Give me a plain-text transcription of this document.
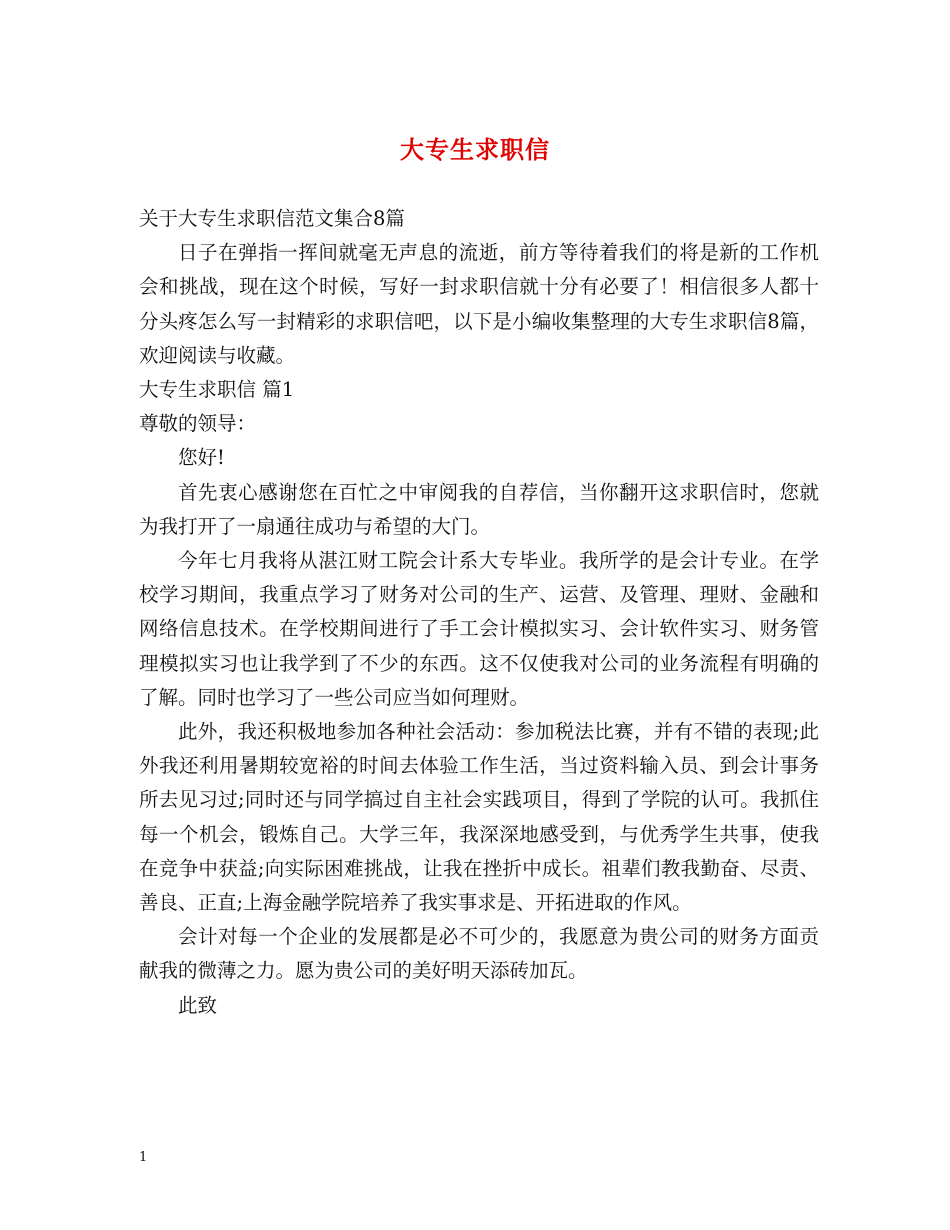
大专生求职信
关于大专生求职信范文集合8篇
日子在弹指一挥间就毫无声息的流逝，前方等待着我们的将是新的工作机会和挑战，现在这个时候，写好一封求职信就十分有必要了！相信很多人都十分头疼怎么写一封精彩的求职信吧，以下是小编收集整理的大专生求职信8篇，欢迎阅读与收藏。
大专生求职信 篇1
尊敬的领导：
您好!
首先衷心感谢您在百忙之中审阅我的自荐信，当你翻开这求职信时，您就为我打开了一扇通往成功与希望的大门。
今年七月我将从湛江财工院会计系大专毕业。我所学的是会计专业。在学校学习期间，我重点学习了财务对公司的生产、运营、及管理、理财、金融和网络信息技术。在学校期间进行了手工会计模拟实习、会计软件实习、财务管理模拟实习也让我学到了不少的东西。这不仅使我对公司的业务流程有明确的了解。同时也学习了一些公司应当如何理财。
此外，我还积极地参加各种社会活动：参加税法比赛，并有不错的表现;此外我还利用暑期较宽裕的时间去体验工作生活，当过资料输入员、到会计事务所去见习过;同时还与同学搞过自主社会实践项目，得到了学院的认可。我抓住每一个机会，锻炼自己。大学三年，我深深地感受到，与优秀学生共事，使我在竞争中获益;向实际困难挑战，让我在挫折中成长。祖辈们教我勤奋、尽责、善良、正直;上海金融学院培养了我实事求是、开拓进取的作风。
会计对每一个企业的发展都是必不可少的，我愿意为贵公司的财务方面贡献我的微薄之力。愿为贵公司的美好明天添砖加瓦。
此致
1
